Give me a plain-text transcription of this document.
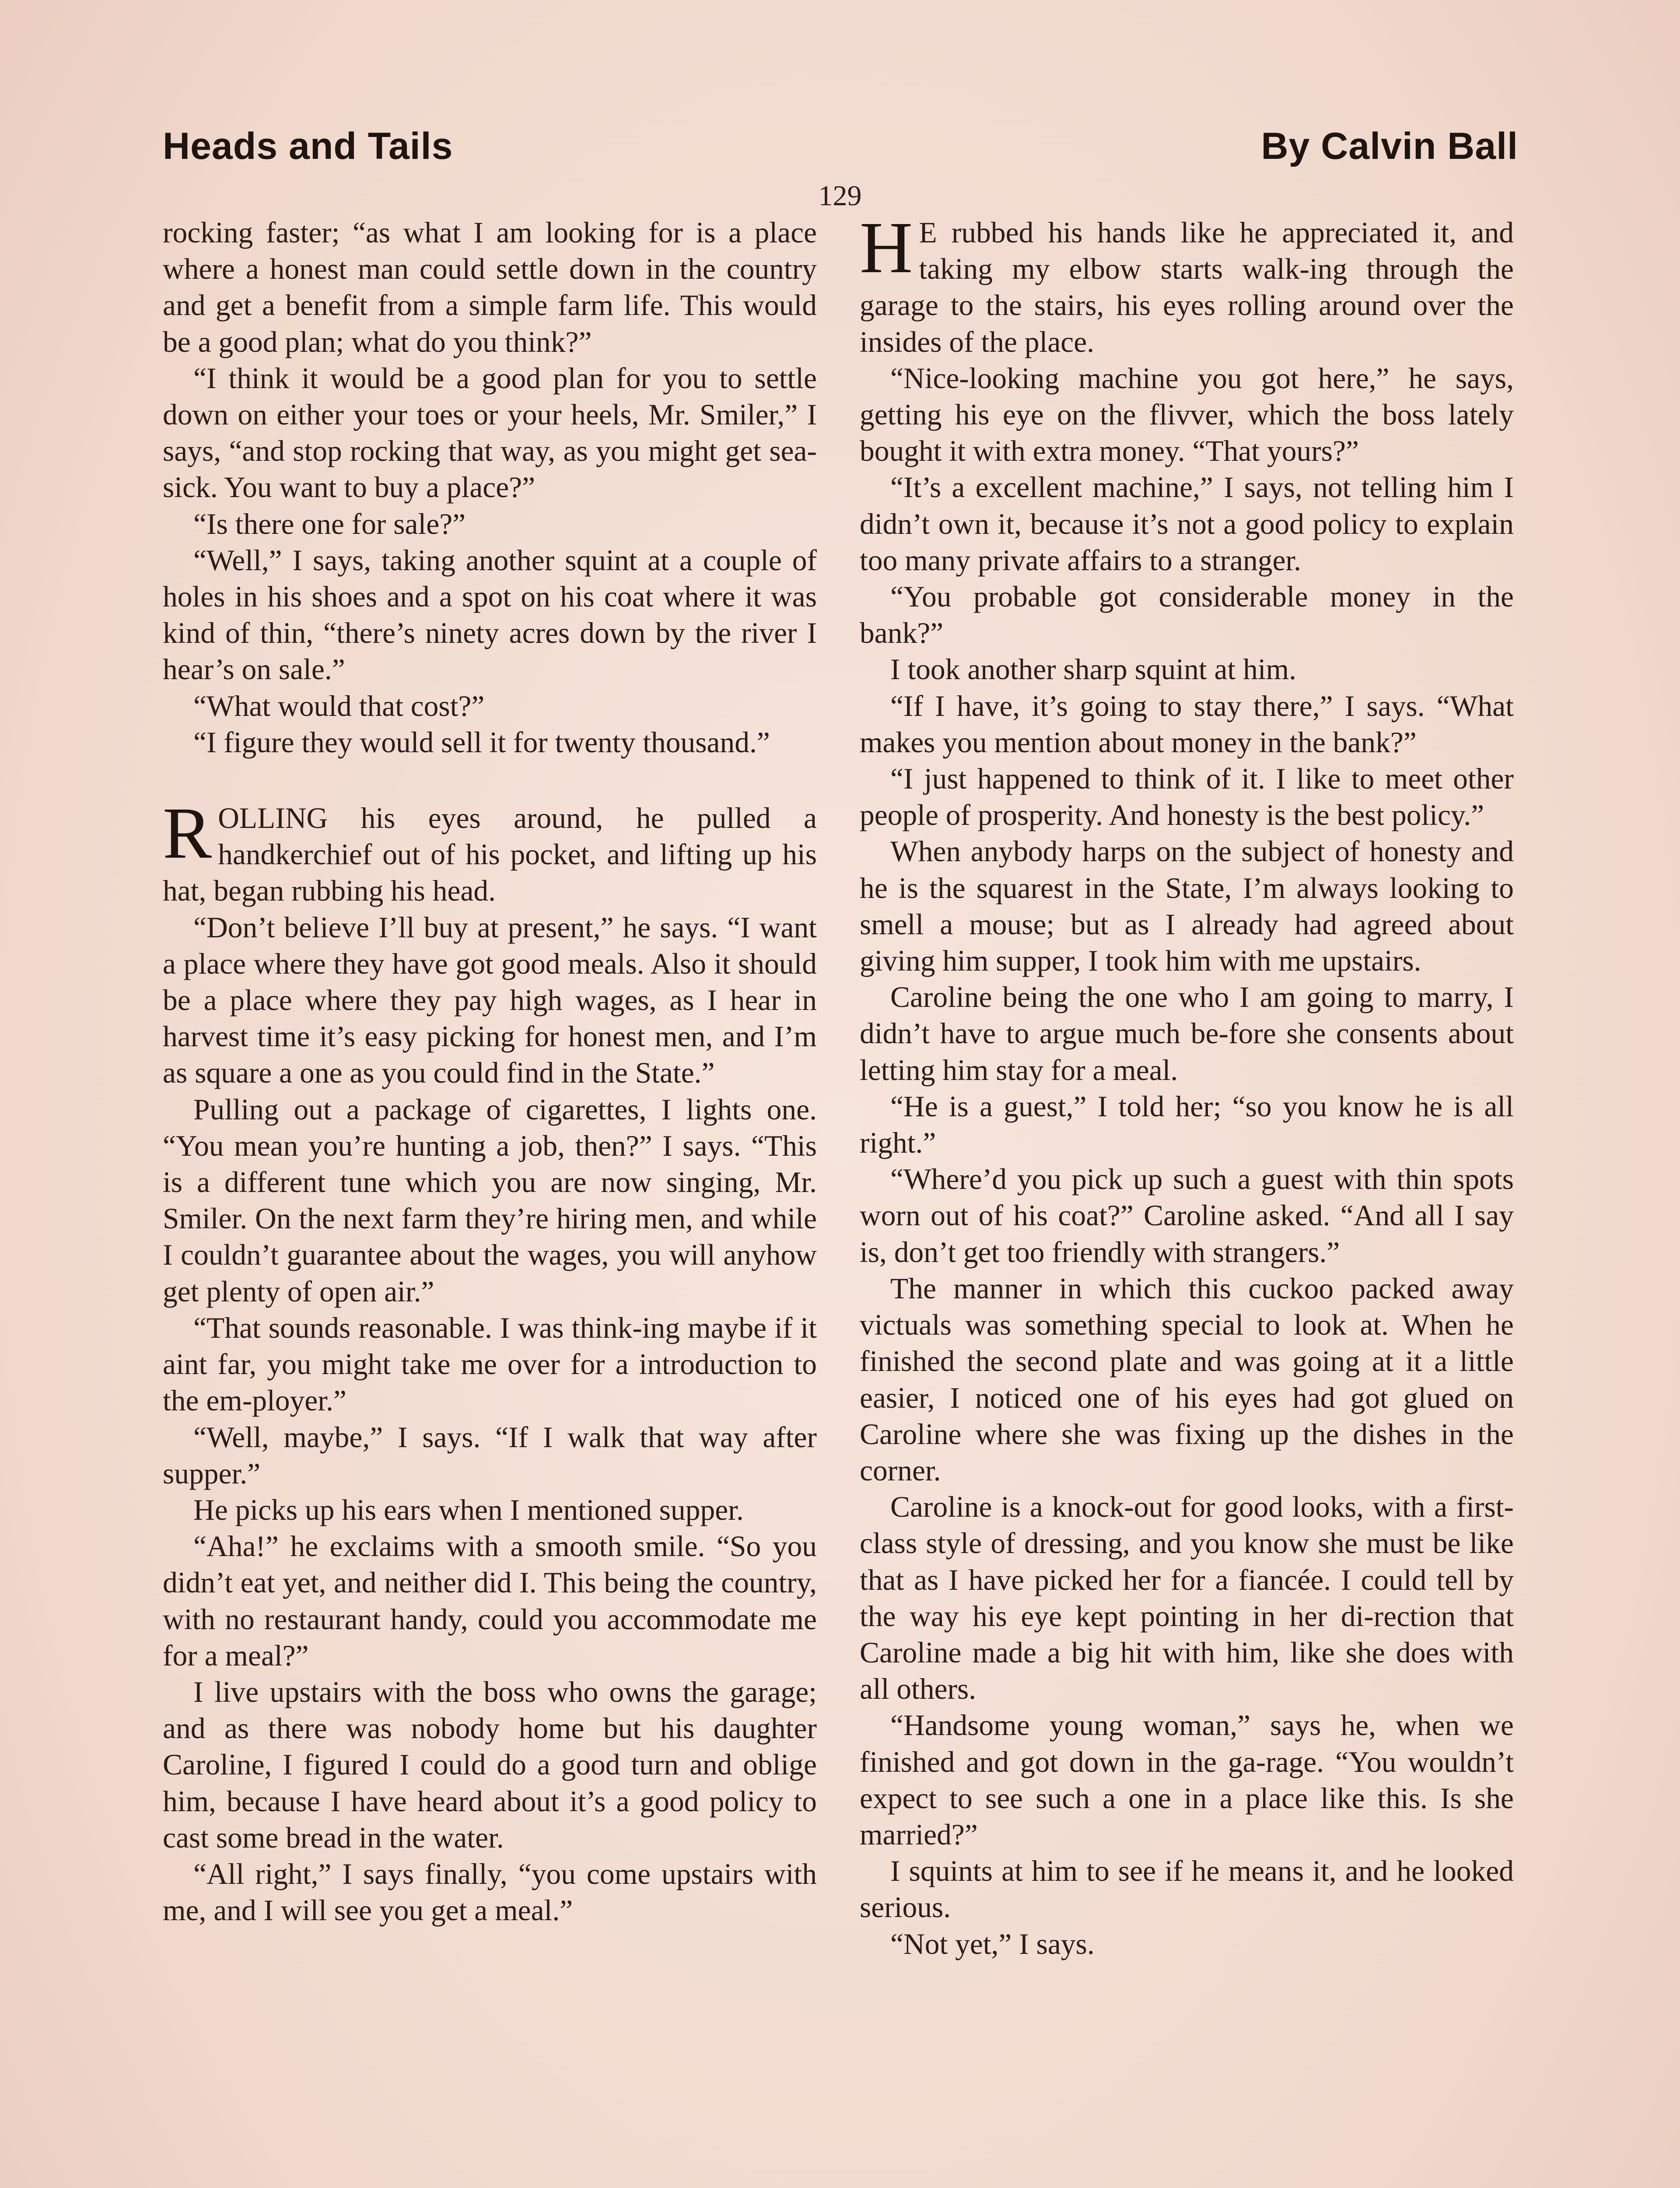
Heads and Tails	By Calvin Ball
129

rocking faster; “as what I am looking for is a place where a honest man could settle down in the country and get a benefit from a simple farm life. This would be a good plan; what do you think?”

“I think it would be a good plan for you to settle down on either your toes or your heels, Mr. Smiler,” I says, “and stop rocking that way, as you might get sea-sick. You want to buy a place?”

“Is there one for sale?”

“Well,” I says, taking another squint at a couple of holes in his shoes and a spot on his coat where it was kind of thin, “there’s ninety acres down by the river I hear’s on sale.”

“What would that cost?”

“I figure they would sell it for twenty thousand.”

ROLLING his eyes around, he pulled a handkerchief out of his pocket, and lifting up his hat, began rubbing his head.

“Don’t believe I’ll buy at present,” he says. “I want a place where they have got good meals. Also it should be a place where they pay high wages, as I hear in harvest time it’s easy picking for honest men, and I’m as square a one as you could find in the State.”

Pulling out a package of cigarettes, I lights one. “You mean you’re hunting a job, then?” I says. “This is a different tune which you are now singing, Mr. Smiler. On the next farm they’re hiring men, and while I couldn’t guarantee about the wages, you will anyhow get plenty of open air.”

“That sounds reasonable. I was think-ing maybe if it aint far, you might take me over for a introduction to the em-ployer.”

“Well, maybe,” I says. “If I walk that way after supper.”

He picks up his ears when I mentioned supper.

“Aha!” he exclaims with a smooth smile. “So you didn’t eat yet, and neither did I. This being the country, with no restaurant handy, could you accommodate me for a meal?”

I live upstairs with the boss who owns the garage; and as there was nobody home but his daughter Caroline, I figured I could do a good turn and oblige him, because I have heard about it’s a good policy to cast some bread in the water.

“All right,” I says finally, “you come upstairs with me, and I will see you get a meal.”

H E rubbed his hands like he appreciated it, and taking my elbow starts walk-ing through the garage to the stairs, his eyes rolling around over the insides of the place.

“Nice-looking machine you got here,” he says, getting his eye on the flivver, which the boss lately bought it with extra money. “That yours?”

“It’s a excellent machine,” I says, not telling him I didn’t own it, because it’s not a good policy to explain too many private affairs to a stranger.

“You probable got considerable money in the bank?”

I took another sharp squint at him.

“If I have, it’s going to stay there,” I says. “What makes you mention about money in the bank?”

“I just happened to think of it. I like to meet other people of prosperity. And honesty is the best policy.”

When anybody harps on the subject of honesty and he is the squarest in the State, I’m always looking to smell a mouse; but as I already had agreed about giving him supper, I took him with me upstairs.

Caroline being the one who I am going to marry, I didn’t have to argue much be-fore she consents about letting him stay for a meal.

“He is a guest,” I told her; “so you know he is all right.”

“Where’d you pick up such a guest with thin spots worn out of his coat?” Caroline asked. “And all I say is, don’t get too friendly with strangers.”

The manner in which this cuckoo packed away victuals was something special to look at. When he finished the second plate and was going at it a little easier, I noticed one of his eyes had got glued on Caroline where she was fixing up the dishes in the corner.

Caroline is a knock-out for good looks, with a first-class style of dressing, and you know she must be like that as I have picked her for a fiancée. I could tell by the way his eye kept pointing in her di-rection that Caroline made a big hit with him, like she does with all others.

“Handsome young woman,” says he, when we finished and got down in the ga-rage. “You wouldn’t expect to see such a one in a place like this. Is she married?”

I squints at him to see if he means it, and he looked serious.

“Not yet,” I says.
